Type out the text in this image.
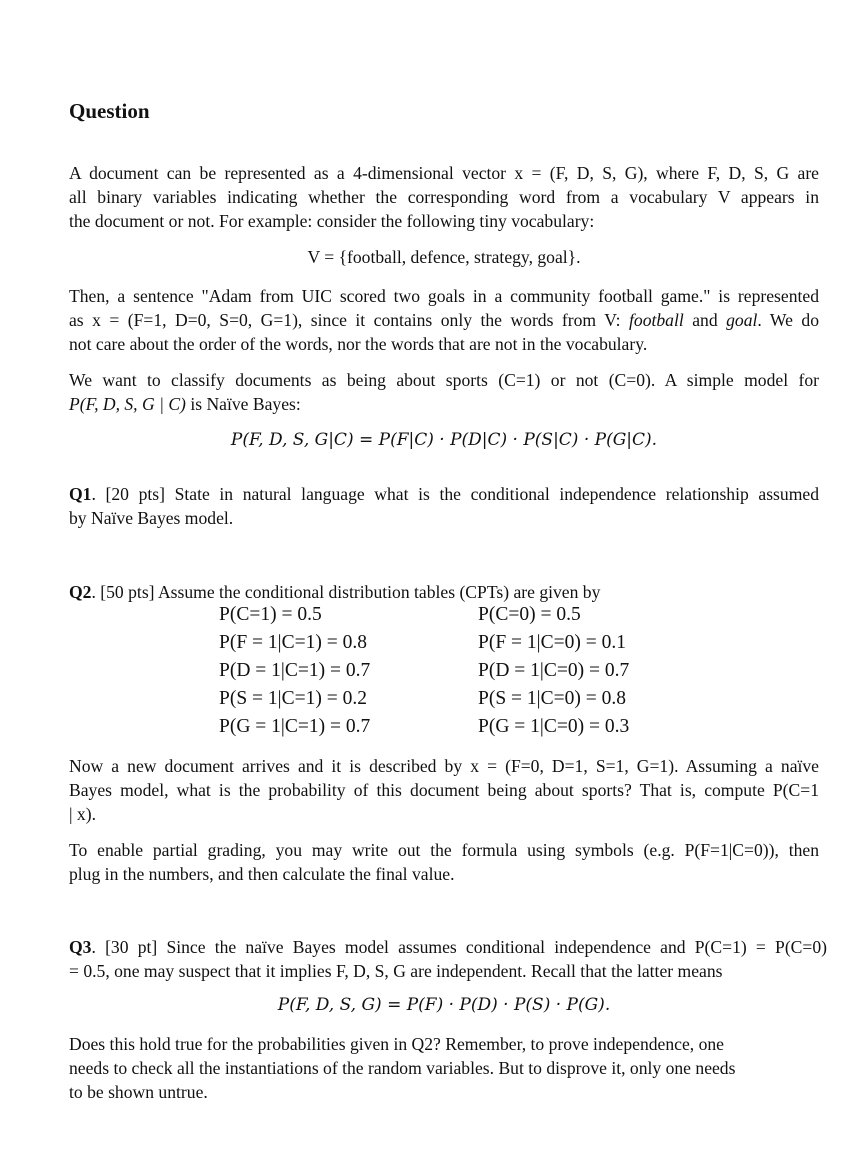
Question

A document can be represented as a 4-dimensional vector x = (F, D, S, G), where F, D, S, G are
all binary variables indicating whether the corresponding word from a vocabulary V appears in
the document or not. For example: consider the following tiny vocabulary:

V = {football, defence, strategy, goal}.

Then, a sentence "Adam from UIC scored two goals in a community football game." is represented
as x = (F=1, D=0, S=0, G=1), since it contains only the words from V: football and goal. We do
not care about the order of the words, nor the words that are not in the vocabulary.

We want to classify documents as being about sports (C=1) or not (C=0). A simple model for
P(F, D, S, G | C) is Naïve Bayes:

P(F, D, S, G|C) = P(F|C) · P(D|C) · P(S|C) · P(G|C).

Q1. [20 pts] State in natural language what is the conditional independence relationship assumed
by Naïve Bayes model.

Q2. [50 pts] Assume the conditional distribution tables (CPTs) are given by

P(C=1) = 0.5
P(F = 1|C=1) = 0.8
P(D = 1|C=1) = 0.7
P(S = 1|C=1) = 0.2
P(G = 1|C=1) = 0.7
P(C=0) = 0.5
P(F = 1|C=0) = 0.1
P(D = 1|C=0) = 0.7
P(S = 1|C=0) = 0.8
P(G = 1|C=0) = 0.3

Now a new document arrives and it is described by x = (F=0, D=1, S=1, G=1). Assuming a naïve
Bayes model, what is the probability of this document being about sports? That is, compute P(C=1
| x).

To enable partial grading, you may write out the formula using symbols (e.g. P(F=1|C=0)), then
plug in the numbers, and then calculate the final value.

Q3. [30 pt] Since the naïve Bayes model assumes conditional independence and P(C=1) = P(C=0)
= 0.5, one may suspect that it implies F, D, S, G are independent. Recall that the latter means

P(F, D, S, G) = P(F) · P(D) · P(S) · P(G).

Does this hold true for the probabilities given in Q2? Remember, to prove independence, one
needs to check all the instantiations of the random variables. But to disprove it, only one needs
to be shown untrue.
